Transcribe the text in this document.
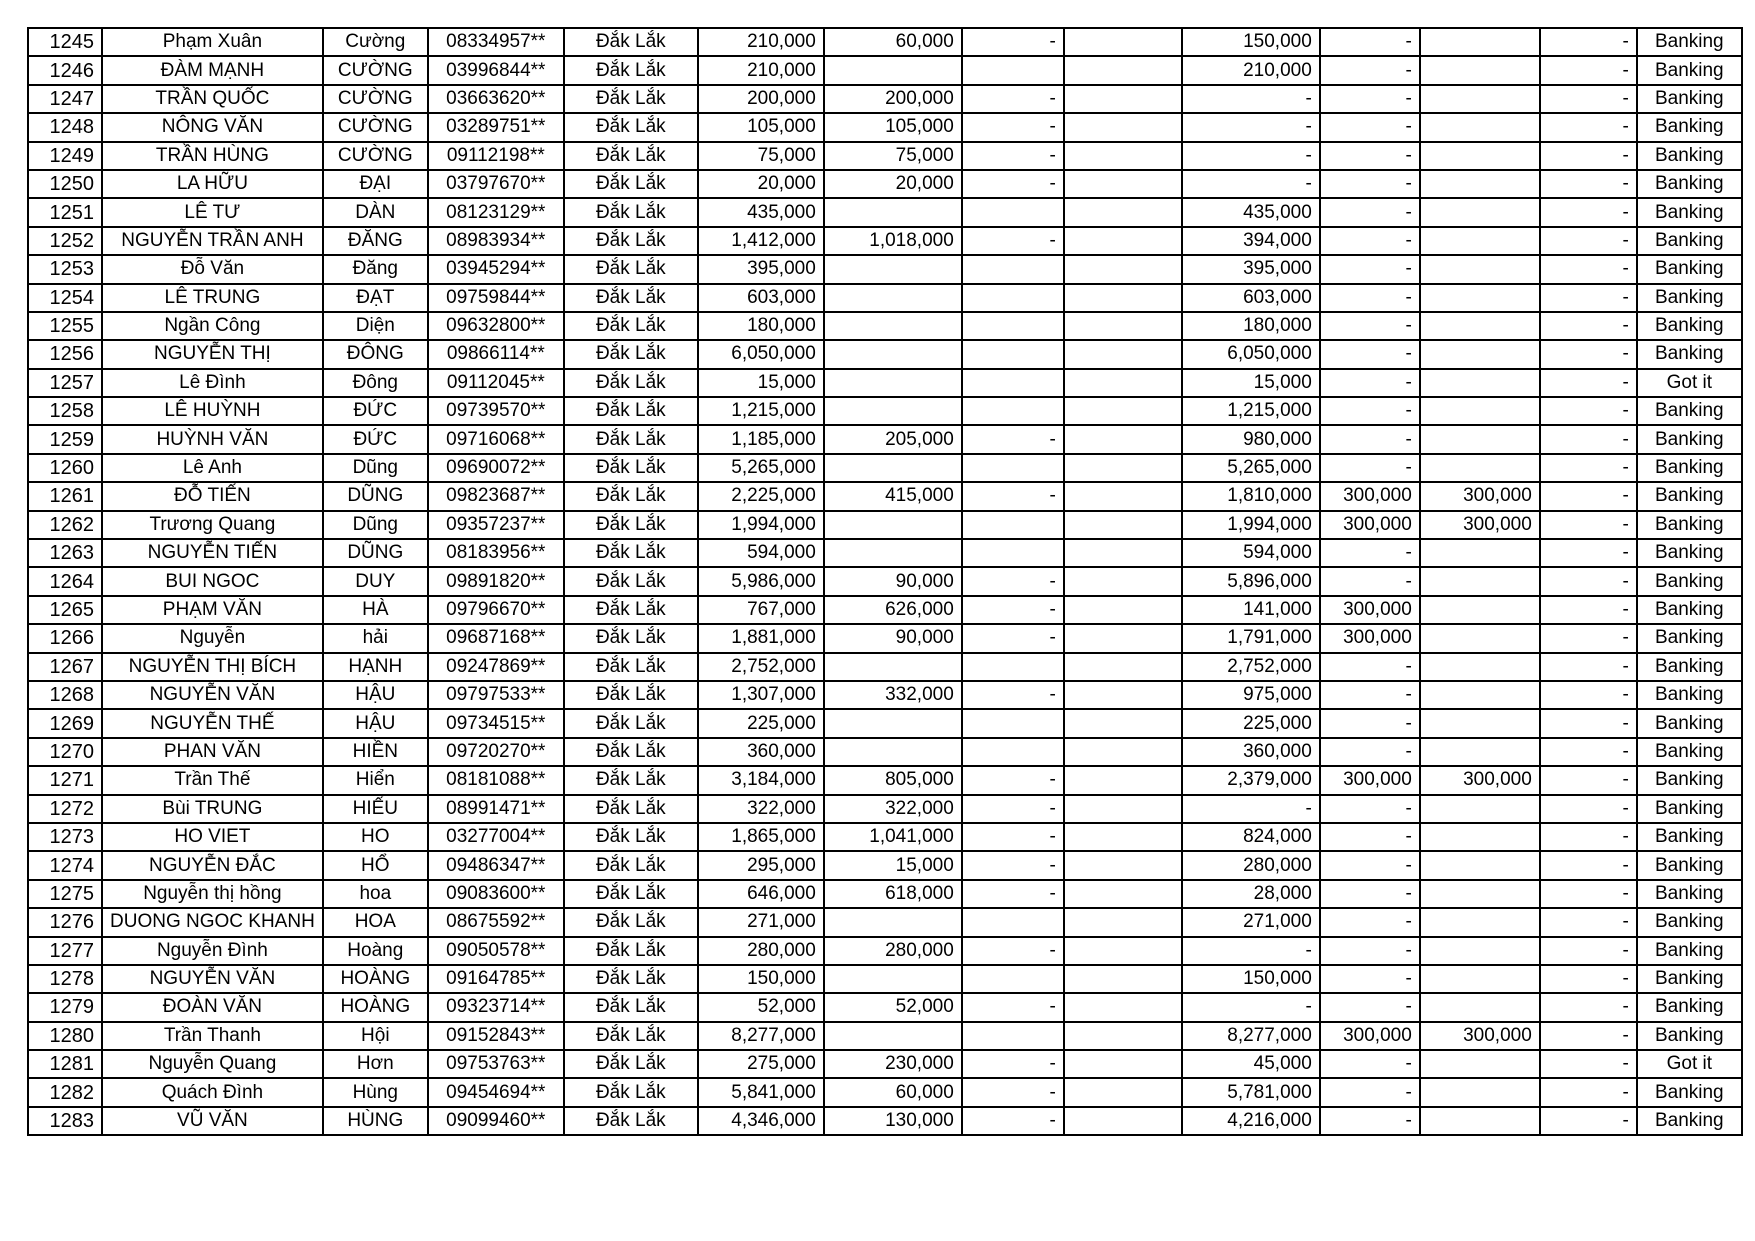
1245	Phạm Xuân	Cường	08334957**	Đắk Lắk	210,000	60,000	-		150,000	-		-	Banking
1246	ĐÀM MẠNH	CƯỜNG	03996844**	Đắk Lắk	210,000				210,000	-		-	Banking
1247	TRẦN QUỐC	CƯỜNG	03663620**	Đắk Lắk	200,000	200,000	-		-	-		-	Banking
1248	NÔNG VĂN	CƯỜNG	03289751**	Đắk Lắk	105,000	105,000	-		-	-		-	Banking
1249	TRẦN HÙNG	CƯỜNG	09112198**	Đắk Lắk	75,000	75,000	-		-	-		-	Banking
1250	LA HỮU	ĐẠI	03797670**	Đắk Lắk	20,000	20,000	-		-	-		-	Banking
1251	LÊ TƯ	DÀN	08123129**	Đắk Lắk	435,000				435,000	-		-	Banking
1252	NGUYỄN TRẦN ANH	ĐĂNG	08983934**	Đắk Lắk	1,412,000	1,018,000	-		394,000	-		-	Banking
1253	Đỗ Văn	Đăng	03945294**	Đắk Lắk	395,000				395,000	-		-	Banking
1254	LÊ TRUNG	ĐẠT	09759844**	Đắk Lắk	603,000				603,000	-		-	Banking
1255	Ngần Công	Diện	09632800**	Đắk Lắk	180,000				180,000	-		-	Banking
1256	NGUYỄN THỊ	ĐÔNG	09866114**	Đắk Lắk	6,050,000				6,050,000	-		-	Banking
1257	Lê Đình	Đông	09112045**	Đắk Lắk	15,000				15,000	-		-	Got it
1258	LÊ HUỲNH	ĐỨC	09739570**	Đắk Lắk	1,215,000				1,215,000	-		-	Banking
1259	HUỲNH VĂN	ĐỨC	09716068**	Đắk Lắk	1,185,000	205,000	-		980,000	-		-	Banking
1260	Lê Anh	Dũng	09690072**	Đắk Lắk	5,265,000				5,265,000	-		-	Banking
1261	ĐỖ TIẾN	DŨNG	09823687**	Đắk Lắk	2,225,000	415,000	-		1,810,000	300,000	300,000	-	Banking
1262	Trương Quang	Dũng	09357237**	Đắk Lắk	1,994,000				1,994,000	300,000	300,000	-	Banking
1263	NGUYỄN TIẾN	DŨNG	08183956**	Đắk Lắk	594,000				594,000	-		-	Banking
1264	BUI NGOC	DUY	09891820**	Đắk Lắk	5,986,000	90,000	-		5,896,000	-		-	Banking
1265	PHẠM VĂN	HÀ	09796670**	Đắk Lắk	767,000	626,000	-		141,000	300,000		-	Banking
1266	Nguyễn	hải	09687168**	Đắk Lắk	1,881,000	90,000	-		1,791,000	300,000		-	Banking
1267	NGUYỄN THỊ BÍCH	HẠNH	09247869**	Đắk Lắk	2,752,000				2,752,000	-		-	Banking
1268	NGUYỄN VĂN	HẬU	09797533**	Đắk Lắk	1,307,000	332,000	-		975,000	-		-	Banking
1269	NGUYỄN THẾ	HẬU	09734515**	Đắk Lắk	225,000				225,000	-		-	Banking
1270	PHAN VĂN	HIỀN	09720270**	Đắk Lắk	360,000				360,000	-		-	Banking
1271	Trần Thế	Hiển	08181088**	Đắk Lắk	3,184,000	805,000	-		2,379,000	300,000	300,000	-	Banking
1272	Bùi TRUNG	HIẾU	08991471**	Đắk Lắk	322,000	322,000	-		-	-		-	Banking
1273	HO VIET	HO	03277004**	Đắk Lắk	1,865,000	1,041,000	-		824,000	-		-	Banking
1274	NGUYỄN ĐẮC	HỔ	09486347**	Đắk Lắk	295,000	15,000	-		280,000	-		-	Banking
1275	Nguyễn thị hồng	hoa	09083600**	Đắk Lắk	646,000	618,000	-		28,000	-		-	Banking
1276	DUONG NGOC KHANH	HOA	08675592**	Đắk Lắk	271,000				271,000	-		-	Banking
1277	Nguyễn Đình	Hoàng	09050578**	Đắk Lắk	280,000	280,000	-		-	-		-	Banking
1278	NGUYỄN VĂN	HOÀNG	09164785**	Đắk Lắk	150,000				150,000	-		-	Banking
1279	ĐOÀN VĂN	HOÀNG	09323714**	Đắk Lắk	52,000	52,000	-		-	-		-	Banking
1280	Trần Thanh	Hội	09152843**	Đắk Lắk	8,277,000				8,277,000	300,000	300,000	-	Banking
1281	Nguyễn Quang	Hơn	09753763**	Đắk Lắk	275,000	230,000	-		45,000	-		-	Got it
1282	Quách Đình	Hùng	09454694**	Đắk Lắk	5,841,000	60,000	-		5,781,000	-		-	Banking
1283	VŨ VĂN	HÙNG	09099460**	Đắk Lắk	4,346,000	130,000	-		4,216,000	-		-	Banking
